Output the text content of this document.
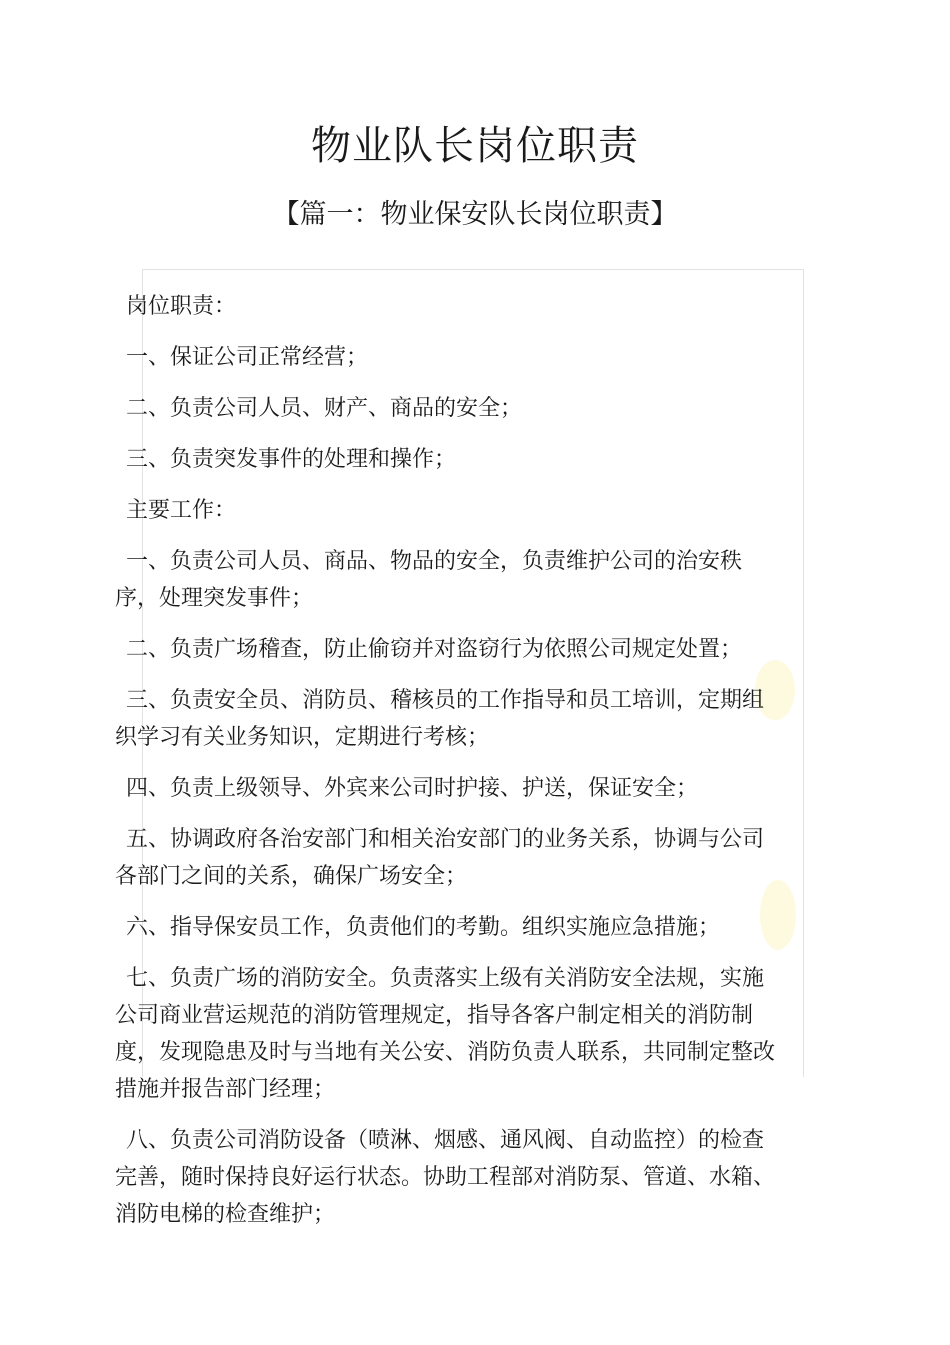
物业队长岗位职责
【篇一：物业保安队长岗位职责】

岗位职责：

一、保证公司正常经营；

二、负责公司人员、财产、商品的安全；

三、负责突发事件的处理和操作；

主要工作：

一、负责公司人员、商品、物品的安全，负责维护公司的治安秩序，处理突发事件；

二、负责广场稽查，防止偷窃并对盗窃行为依照公司规定处置；

三、负责安全员、消防员、稽核员的工作指导和员工培训，定期组织学习有关业务知识，定期进行考核；

四、负责上级领导、外宾来公司时护接、护送，保证安全；

五、协调政府各治安部门和相关治安部门的业务关系，协调与公司各部门之间的关系，确保广场安全；

六、指导保安员工作，负责他们的考勤。组织实施应急措施；

七、负责广场的消防安全。负责落实上级有关消防安全法规，实施公司商业营运规范的消防管理规定，指导各客户制定相关的消防制度，发现隐患及时与当地有关公安、消防负责人联系，共同制定整改措施并报告部门经理；

八、负责公司消防设备（喷淋、烟感、通风阀、自动监控）的检查完善，随时保持良好运行状态。协助工程部对消防泵、管道、水箱、消防电梯的检查维护；
